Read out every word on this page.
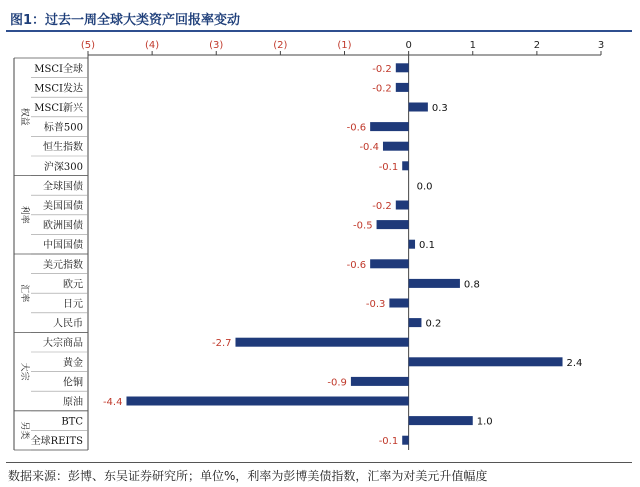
图1：过去一周全球大类资产回报率变动
(5)	(4)	(3)	(2)	(1)	0	1	2	3
MSCI全球	-0.2
MSCI发达	-0.2
MSCI新兴	0.3
标普500	-0.6
恒生指数	-0.4
沪深300	-0.1
权益
全球国债	0.0
美国国债	-0.2
欧洲国债	-0.5
中国国债	0.1
利率
美元指数	-0.6
欧元	0.8
日元	-0.3
人民币	0.2
汇率
大宗商品	-2.7
黄金	2.4
伦铜	-0.9
原油 -4.4
大宗
BTC	1.0
全球REITS	-0.1
另类
数据来源：彭博、东吴证券研究所；单位%，利率为彭博美债指数，汇率为对美元升值幅度
